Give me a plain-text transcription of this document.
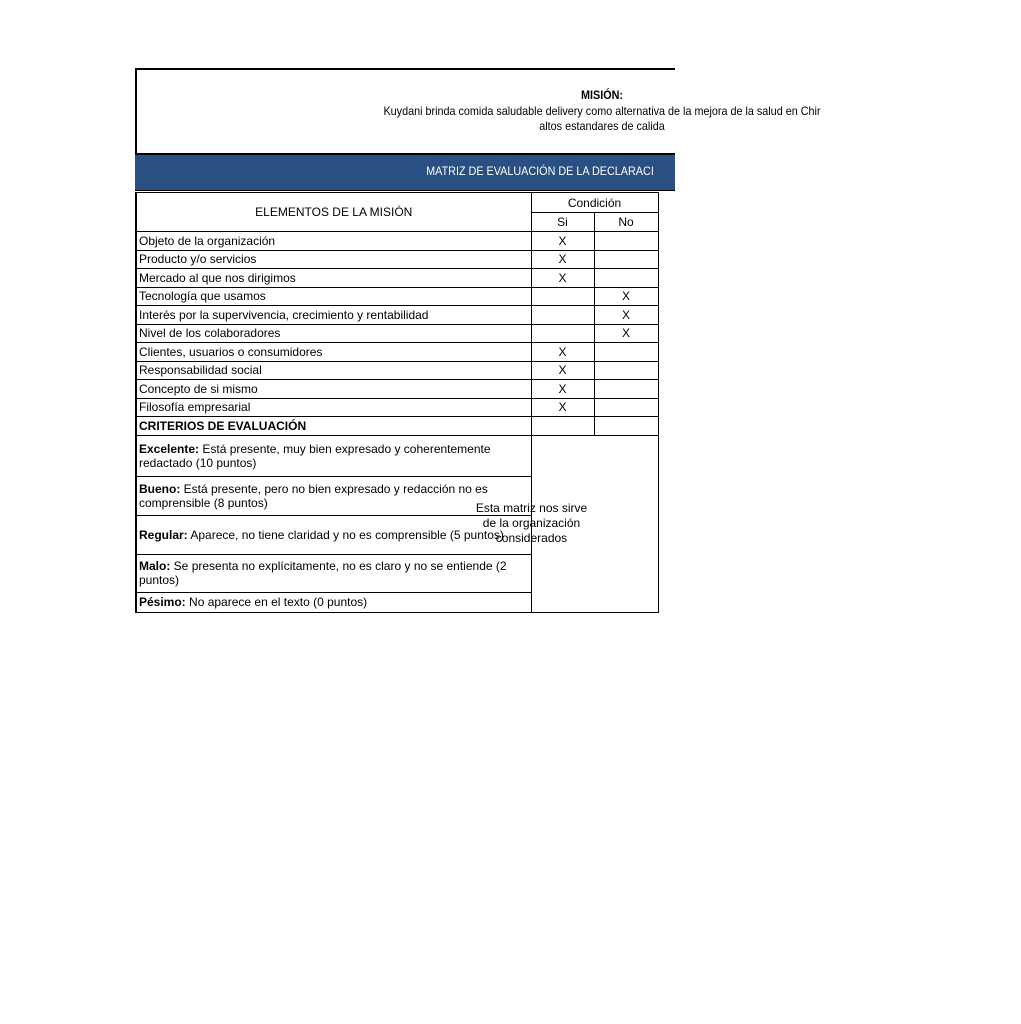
MISIÓN:
Kuydani brinda comida saludable delivery como alternativa de la mejora de la salud en Chir
altos estandares de calida
MATRIZ DE EVALUACIÓN DE LA DECLARACI
ELEMENTOS DE LA MISIÓN	Condición	
	Si	No
Objeto de la organización	X	
Producto y/o servicios	X	
Mercado al que nos dirigimos	X	
Tecnología que usamos		X
Interés por la supervivencia, crecimiento y rentabilidad		X
Nivel de los colaboradores		X
Clientes, usuarios o consumidores	X	
Responsabilidad social	X	
Concepto de si mismo	X	
Filosofía empresarial	X	
CRITERIOS DE EVALUACIÓN		
Excelente: Está presente, muy bien expresado y coherentemente redactado (10 puntos)	Esta matriz nos sirve
de la organización
considerados	

Bueno: Está presente, pero no bien expresado y redacción no es comprensible (8 puntos)		
Regular: Aparece, no tiene claridad y no es comprensible (5 puntos)		
Malo: Se presenta no explícitamente, no es claro y no se entiende (2 puntos)		
Pésimo: No aparece en el texto (0 puntos)		
